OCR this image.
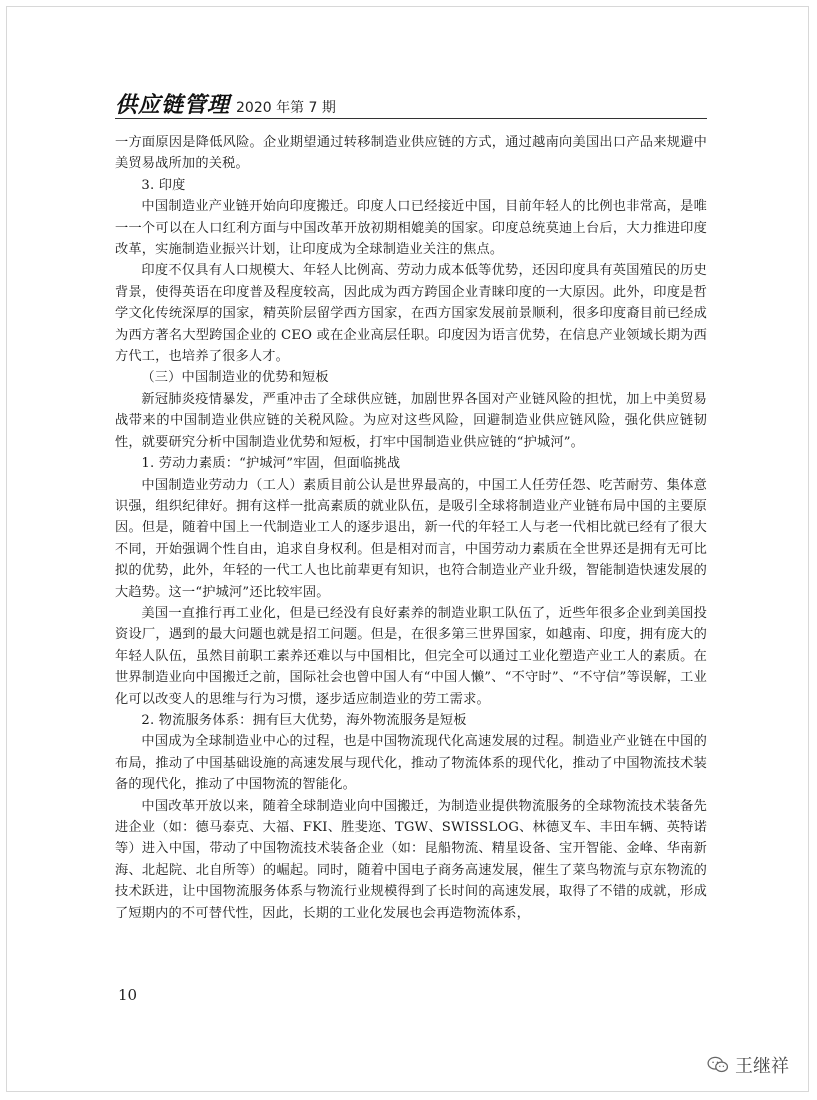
供应链管理 2020 年第 7 期

一方面原因是降低风险。企业期望通过转移制造业供应链的方式，通过越南向美国出口产品来规避中美贸易战所加的关税。

3. 印度

中国制造业产业链开始向印度搬迁。印度人口已经接近中国，目前年轻人的比例也非常高，是唯一一个可以在人口红利方面与中国改革开放初期相媲美的国家。印度总统莫迪上台后，大力推进印度改革，实施制造业振兴计划，让印度成为全球制造业关注的焦点。

印度不仅具有人口规模大、年轻人比例高、劳动力成本低等优势，还因印度具有英国殖民的历史背景，使得英语在印度普及程度较高，因此成为西方跨国企业青睐印度的一大原因。此外，印度是哲学文化传统深厚的国家，精英阶层留学西方国家，在西方国家发展前景顺利，很多印度裔目前已经成为西方著名大型跨国企业的 CEO 或在企业高层任职。印度因为语言优势，在信息产业领域长期为西方代工，也培养了很多人才。

（三）中国制造业的优势和短板

新冠肺炎疫情暴发，严重冲击了全球供应链，加剧世界各国对产业链风险的担忧，加上中美贸易战带来的中国制造业供应链的关税风险。为应对这些风险，回避制造业供应链风险，强化供应链韧性，就要研究分析中国制造业优势和短板，打牢中国制造业供应链的“护城河”。

1. 劳动力素质：“护城河”牢固，但面临挑战

中国制造业劳动力（工人）素质目前公认是世界最高的，中国工人任劳任怨、吃苦耐劳、集体意识强，组织纪律好。拥有这样一批高素质的就业队伍，是吸引全球将制造业产业链布局中国的主要原因。但是，随着中国上一代制造业工人的逐步退出，新一代的年轻工人与老一代相比就已经有了很大不同，开始强调个性自由，追求自身权利。但是相对而言，中国劳动力素质在全世界还是拥有无可比拟的优势，此外，年轻的一代工人也比前辈更有知识，也符合制造业产业升级，智能制造快速发展的大趋势。这一“护城河”还比较牢固。

美国一直推行再工业化，但是已经没有良好素养的制造业职工队伍了，近些年很多企业到美国投资设厂，遇到的最大问题也就是招工问题。但是，在很多第三世界国家，如越南、印度，拥有庞大的年轻人队伍，虽然目前职工素养还难以与中国相比，但完全可以通过工业化塑造产业工人的素质。在世界制造业向中国搬迁之前，国际社会也曾中国人有“中国人懒”、“不守时”、“不守信”等误解，工业化可以改变人的思维与行为习惯，逐步适应制造业的劳工需求。

2. 物流服务体系：拥有巨大优势，海外物流服务是短板

中国成为全球制造业中心的过程，也是中国物流现代化高速发展的过程。制造业产业链在中国的布局，推动了中国基础设施的高速发展与现代化，推动了物流体系的现代化，推动了中国物流技术装备的现代化，推动了中国物流的智能化。

中国改革开放以来，随着全球制造业向中国搬迁，为制造业提供物流服务的全球物流技术装备先进企业（如：德马泰克、大福、FKI、胜斐迩、TGW、SWISSLOG、林德叉车、丰田车辆、英特诺等）进入中国，带动了中国物流技术装备企业（如：昆船物流、精星设备、宝开智能、金峰、华南新海、北起院、北自所等）的崛起。同时，随着中国电子商务高速发展，催生了菜鸟物流与京东物流的技术跃进，让中国物流服务体系与物流行业规模得到了长时间的高速发展，取得了不错的成就，形成了短期内的不可替代性，因此，长期的工业化发展也会再造物流体系，

10
王继祥
